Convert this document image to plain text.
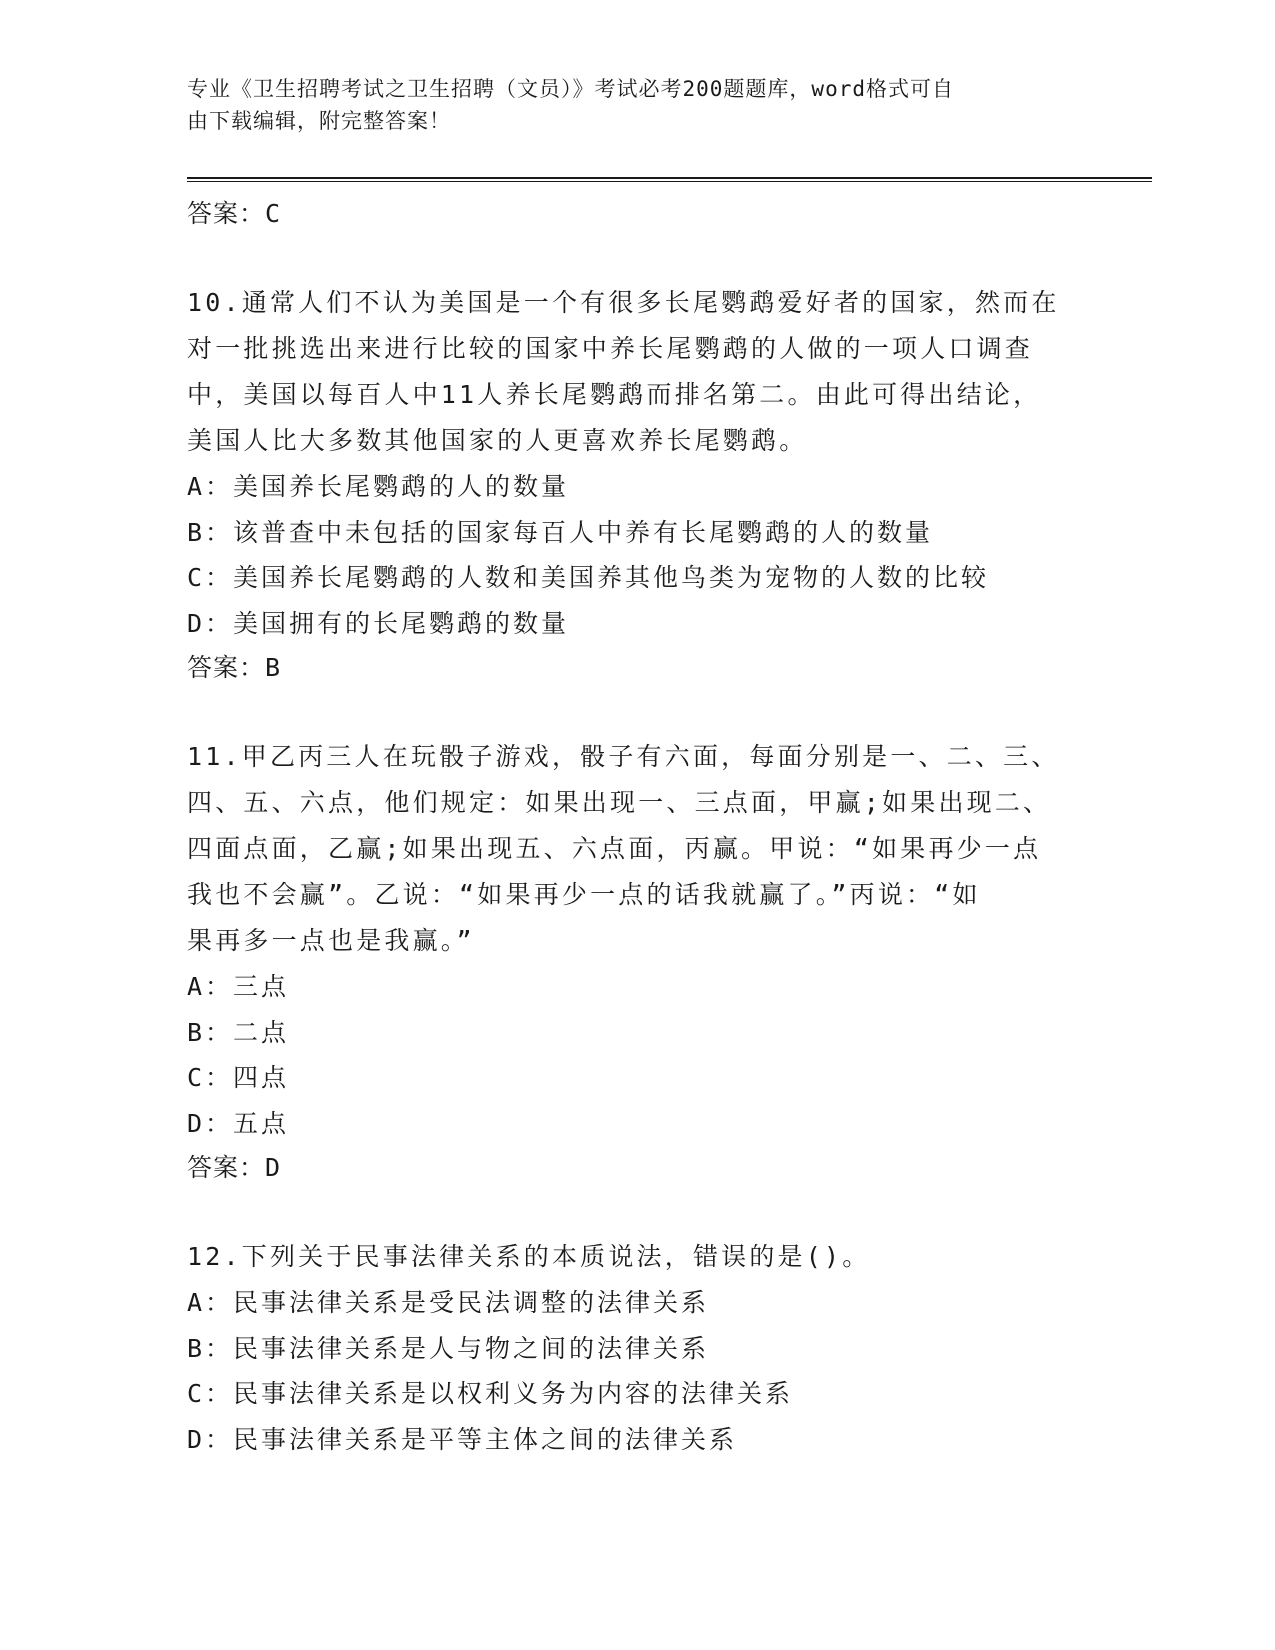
专业《卫生招聘考试之卫生招聘（文员）》考试必考200题题库，word格式可自
由下载编辑，附完整答案！

答案：C

10.通常人们不认为美国是一个有很多长尾鹦鹉爱好者的国家，然而在

对一批挑选出来进行比较的国家中养长尾鹦鹉的人做的一项人口调查

中，美国以每百人中11人养长尾鹦鹉而排名第二。由此可得出结论，

美国人比大多数其他国家的人更喜欢养长尾鹦鹉。

A：美国养长尾鹦鹉的人的数量

B：该普查中未包括的国家每百人中养有长尾鹦鹉的人的数量

C：美国养长尾鹦鹉的人数和美国养其他鸟类为宠物的人数的比较

D：美国拥有的长尾鹦鹉的数量

答案：B

11.甲乙丙三人在玩骰子游戏，骰子有六面，每面分别是一、二、三、

四、五、六点，他们规定：如果出现一、三点面，甲赢;如果出现二、

四面点面，乙赢;如果出现五、六点面，丙赢。甲说：“如果再少一点

我也不会赢”。乙说：“如果再少一点的话我就赢了。”丙说：“如

果再多一点也是我赢。”

A：三点

B：二点

C：四点

D：五点

答案：D

12.下列关于民事法律关系的本质说法，错误的是()。

A：民事法律关系是受民法调整的法律关系

B：民事法律关系是人与物之间的法律关系

C：民事法律关系是以权利义务为内容的法律关系

D：民事法律关系是平等主体之间的法律关系
